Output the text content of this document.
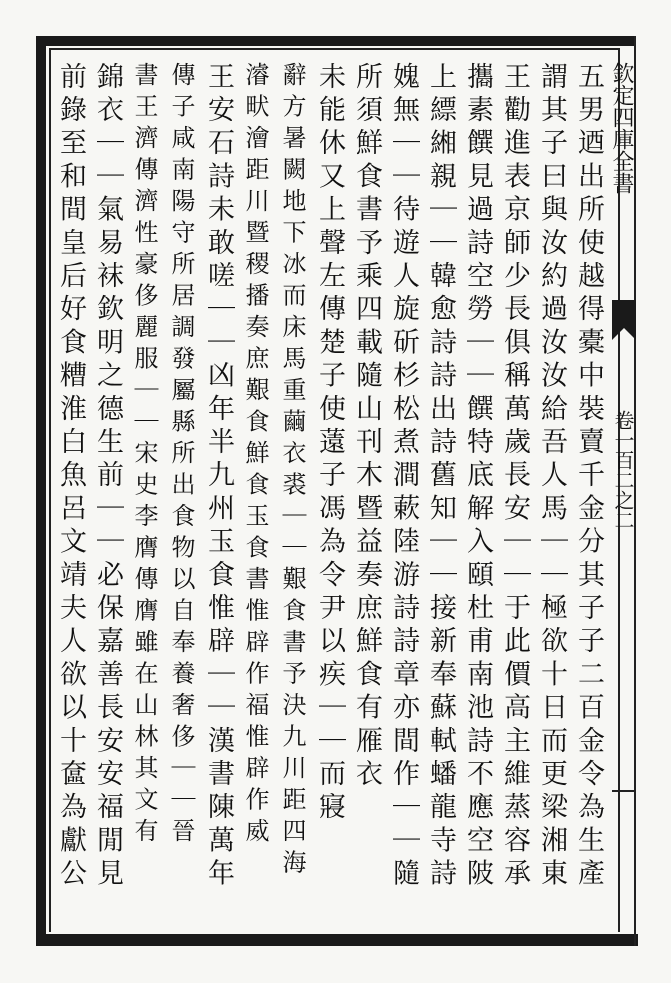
欽定四庫全書
卷一百二之二
五男迺出所使越得橐中裝賣千金分其子子二百金令為生產
謂其子曰與汝約過汝汝給吾人馬｜｜極欲十日而更梁湘東
王勸進表京師少長俱稱萬歲長安｜｜于此價高主維蒸容承
攜素饌見過詩空勞｜｜饌特底解入頤杜甫南池詩不應空陂
上縹緗親｜｜韓愈詩詩出詩舊知｜｜接新奉蘇軾蟠龍寺詩
媿無｜｜待遊人旋斫杉松煮澗蔌陸游詩詩章亦間作｜｜隨
所須鮮食書予乘四載隨山刊木暨益奏庶鮮食有雁衣
未能休又上聲左傳楚子使薳子馮為令尹以疾｜｜而寢
辭方暑闕地下冰而床馬重繭衣裘｜｜艱食書予決九川距四海
濬畎澮距川暨稷播奏庶艱食鮮食玉食書惟辟作福惟辟作威
王安石詩未敢嗟｜｜凶年半九州玉食惟辟｜｜漢書陳萬年
傳子咸南陽守所居調發屬縣所出食物以自奉養奢侈｜｜晉
書王濟傳濟性豪侈麗服｜｜宋史李膺傳膺雖在山林其文有
錦衣｜｜氣易袜欽明之德生前｜｜必保嘉善長安安福閒見
前錄至和間皇后好食糟淮白魚呂文靖夫人欲以十奩為獻公
